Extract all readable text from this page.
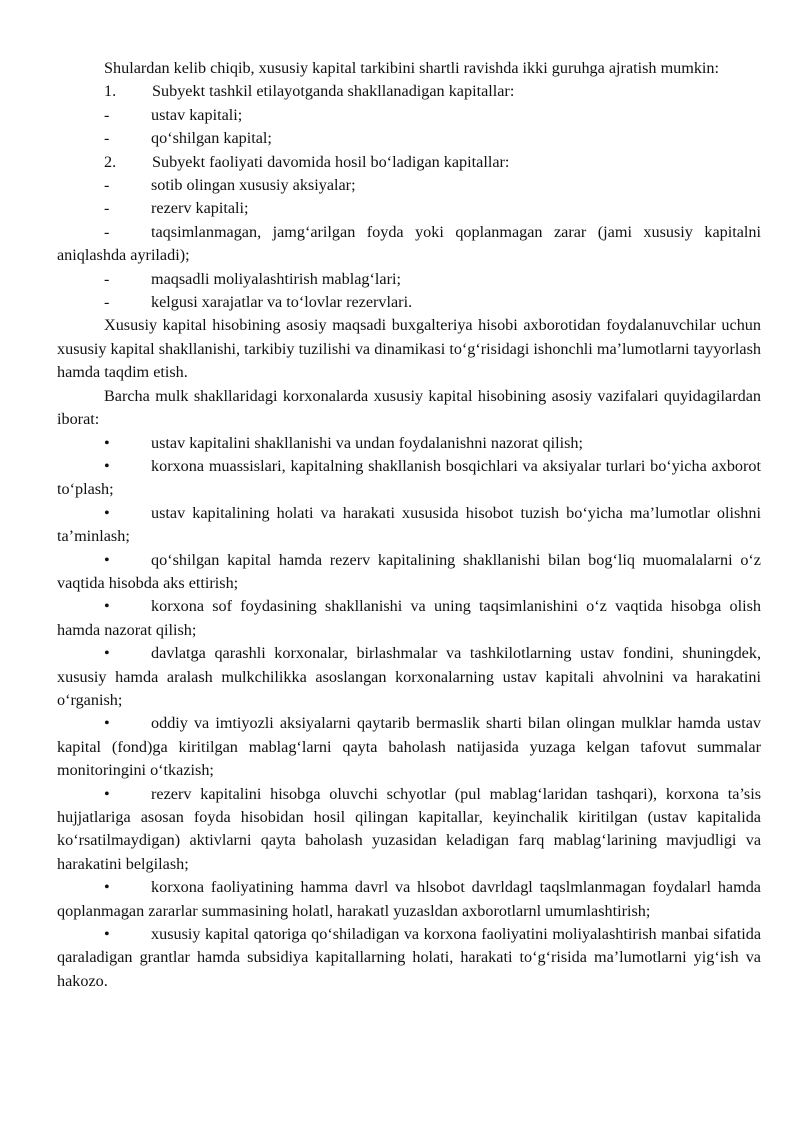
Shulardan kelib chiqib, xususiy kapital tarkibini shartli ravishda ikki guruhga ajratish mumkin:

1. Subyekt tashkil etilayotganda shakllanadigan kapitallar:
-	ustav kapitali;
-	qo‘shilgan kapital;
2. Subyekt faoliyati davomida hosil bo‘ladigan kapitallar:
-	sotib olingan xususiy aksiyalar;
-	rezerv kapitali;
-	taqsimlanmagan, jamg‘arilgan foyda yoki qoplanmagan zarar (jami xususiy kapitalni aniqlashda ayriladi);
-	maqsadli moliyalashtirish mablag‘lari;
-	kelgusi xarajatlar va to‘lovlar rezervlari.

Xususiy kapital hisobining asosiy maqsadi buxgalteriya hisobi axborotidan foydalanuvchilar uchun xususiy kapital shakllanishi, tarkibiy tuzilishi va dinamikasi to‘g‘risidagi ishonchli ma’lumotlarni tayyorlash hamda taqdim etish.

Barcha mulk shakllaridagi korxonalarda xususiy kapital hisobining asosiy vazifalari quyidagilardan iborat:

•	ustav kapitalini shakllanishi va undan foydalanishni nazorat qilish;
•	korxona muassislari, kapitalning shakllanish bosqichlari va aksiyalar turlari bo‘yicha axborot to‘plash;
•	ustav kapitalining holati va harakati xususida hisobot tuzish bo‘yicha ma’lumotlar olishni ta’minlash;
•	qo‘shilgan kapital hamda rezerv kapitalining shakllanishi bilan bog‘liq muomalalarni o‘z vaqtida hisobda aks ettirish;
•	korxona sof foydasining shakllanishi va uning taqsimlanishini o‘z vaqtida hisobga olish hamda nazorat qilish;
•	davlatga qarashli korxonalar, birlashmalar va tashkilotlarning ustav fondini, shuningdek, xususiy hamda aralash mulkchilikka asoslangan korxonalarning ustav kapitali ahvolnini va harakatini o‘rganish;
•	oddiy va imtiyozli aksiyalarni qaytarib bermaslik sharti bilan olingan mulklar hamda ustav kapital (fond)ga kiritilgan mablag‘larni qayta baholash natijasida yuzaga kelgan tafovut summalar monitoringini o‘tkazish;
•	rezerv kapitalini hisobga oluvchi schyotlar (pul mablag‘laridan tashqari), korxona ta’sis hujjatlariga asosan foyda hisobidan hosil qilingan kapitallar, keyinchalik kiritilgan (ustav kapitalida ko‘rsatilmaydigan) aktivlarni qayta baholash yuzasidan keladigan farq mablag‘larining mavjudligi va harakatini belgilash;
•	korxona faoliyatining hamma davrl va hlsobot davrldagl taqslmlanmagan foydalarl hamda qoplanmagan zararlar summasining holatl, harakatl yuzasldan axborotlarnl umumlashtirish;
•	xususiy kapital qatoriga qo‘shiladigan va korxona faoliyatini moliyalashtirish manbai sifatida qaraladigan grantlar hamda subsidiya kapitallarning holati, harakati to‘g‘risida ma’lumotlarni yig‘ish va hakozo.
